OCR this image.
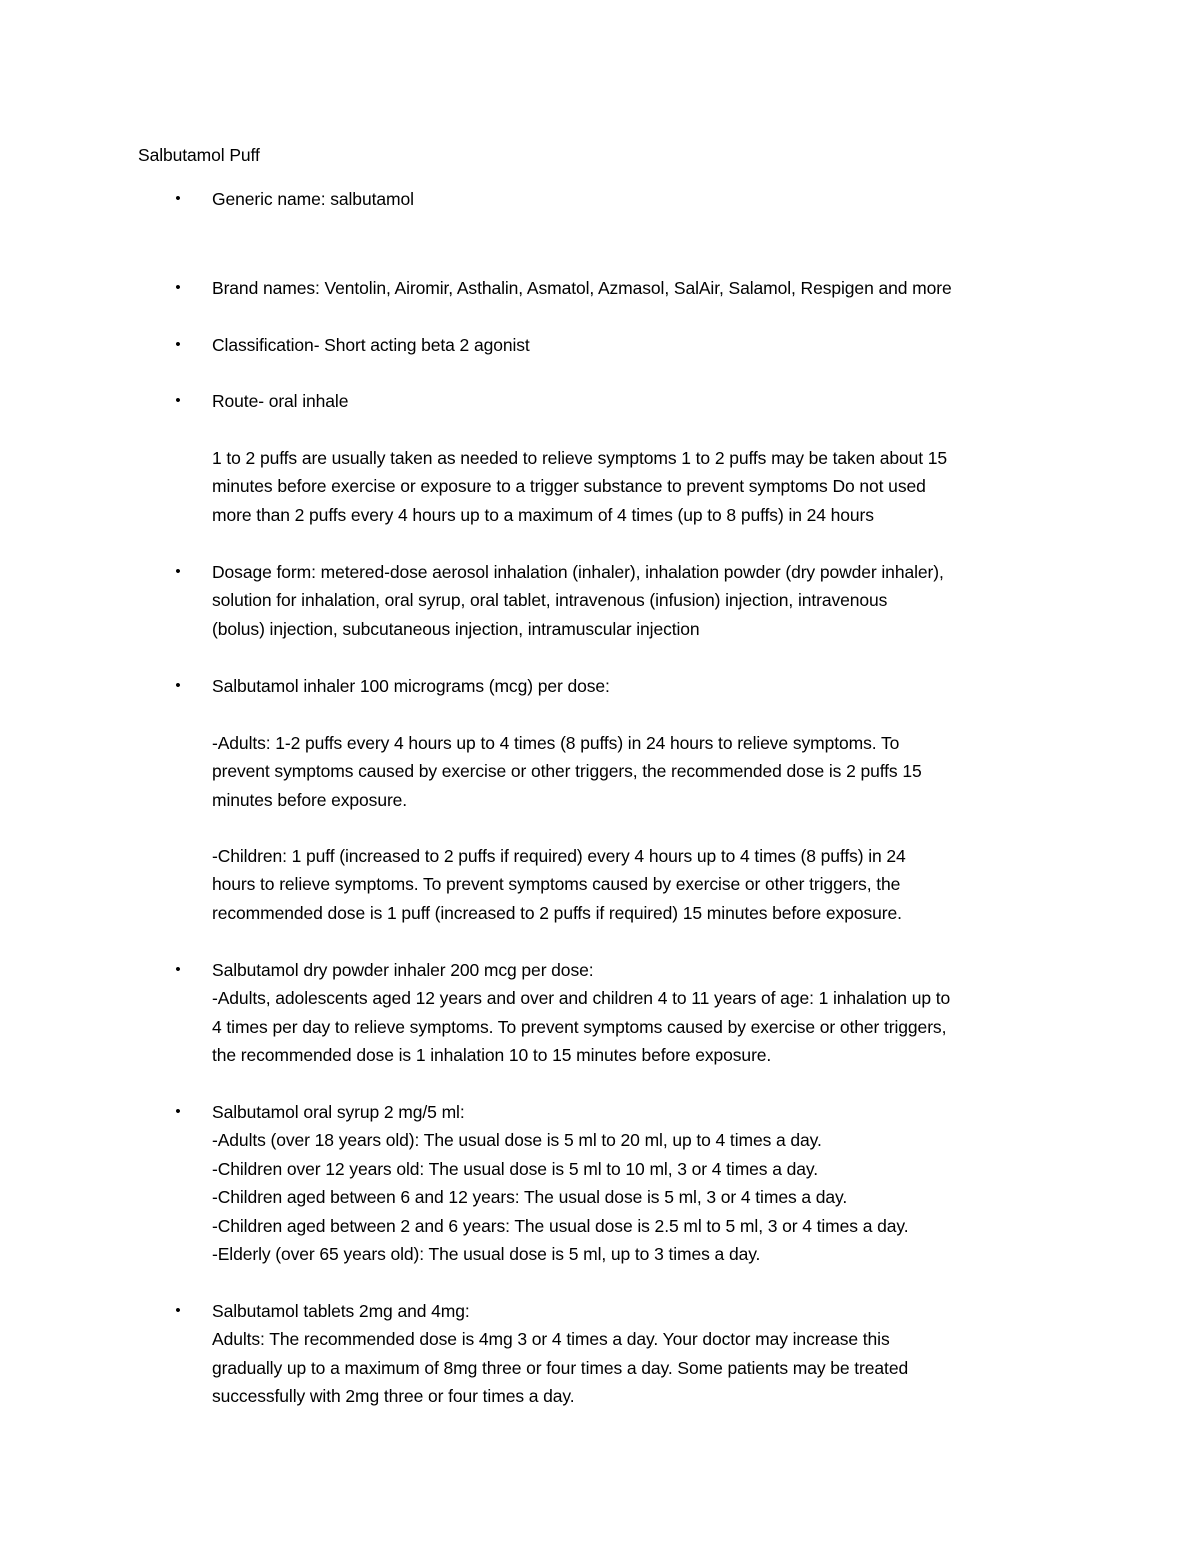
Salbutamol Puff
• Generic name: salbutamol
• Brand names: Ventolin, Airomir, Asthalin, Asmatol, Azmasol, SalAir, Salamol, Respigen and more
• Classification- Short acting beta 2 agonist
• Route- oral inhale
1 to 2 puffs are usually taken as needed to relieve symptoms 1 to 2 puffs may be taken about 15
minutes before exercise or exposure to a trigger substance to prevent symptoms Do not used
more than 2 puffs every 4 hours up to a maximum of 4 times (up to 8 puffs) in 24 hours
• Dosage form: metered-dose aerosol inhalation (inhaler), inhalation powder (dry powder inhaler),
solution for inhalation, oral syrup, oral tablet, intravenous (infusion) injection, intravenous
(bolus) injection, subcutaneous injection, intramuscular injection
• Salbutamol inhaler 100 micrograms (mcg) per dose:
-Adults: 1-2 puffs every 4 hours up to 4 times (8 puffs) in 24 hours to relieve symptoms. To
prevent symptoms caused by exercise or other triggers, the recommended dose is 2 puffs 15
minutes before exposure.
-Children: 1 puff (increased to 2 puffs if required) every 4 hours up to 4 times (8 puffs) in 24
hours to relieve symptoms. To prevent symptoms caused by exercise or other triggers, the
recommended dose is 1 puff (increased to 2 puffs if required) 15 minutes before exposure.
• Salbutamol dry powder inhaler 200 mcg per dose:
-Adults, adolescents aged 12 years and over and children 4 to 11 years of age: 1 inhalation up to
4 times per day to relieve symptoms. To prevent symptoms caused by exercise or other triggers,
the recommended dose is 1 inhalation 10 to 15 minutes before exposure.
• Salbutamol oral syrup 2 mg/5 ml:
-Adults (over 18 years old): The usual dose is 5 ml to 20 ml, up to 4 times a day.
-Children over 12 years old: The usual dose is 5 ml to 10 ml, 3 or 4 times a day.
-Children aged between 6 and 12 years: The usual dose is 5 ml, 3 or 4 times a day.
-Children aged between 2 and 6 years: The usual dose is 2.5 ml to 5 ml, 3 or 4 times a day.
-Elderly (over 65 years old): The usual dose is 5 ml, up to 3 times a day.
• Salbutamol tablets 2mg and 4mg:
Adults: The recommended dose is 4mg 3 or 4 times a day. Your doctor may increase this
gradually up to a maximum of 8mg three or four times a day. Some patients may be treated
successfully with 2mg three or four times a day.
